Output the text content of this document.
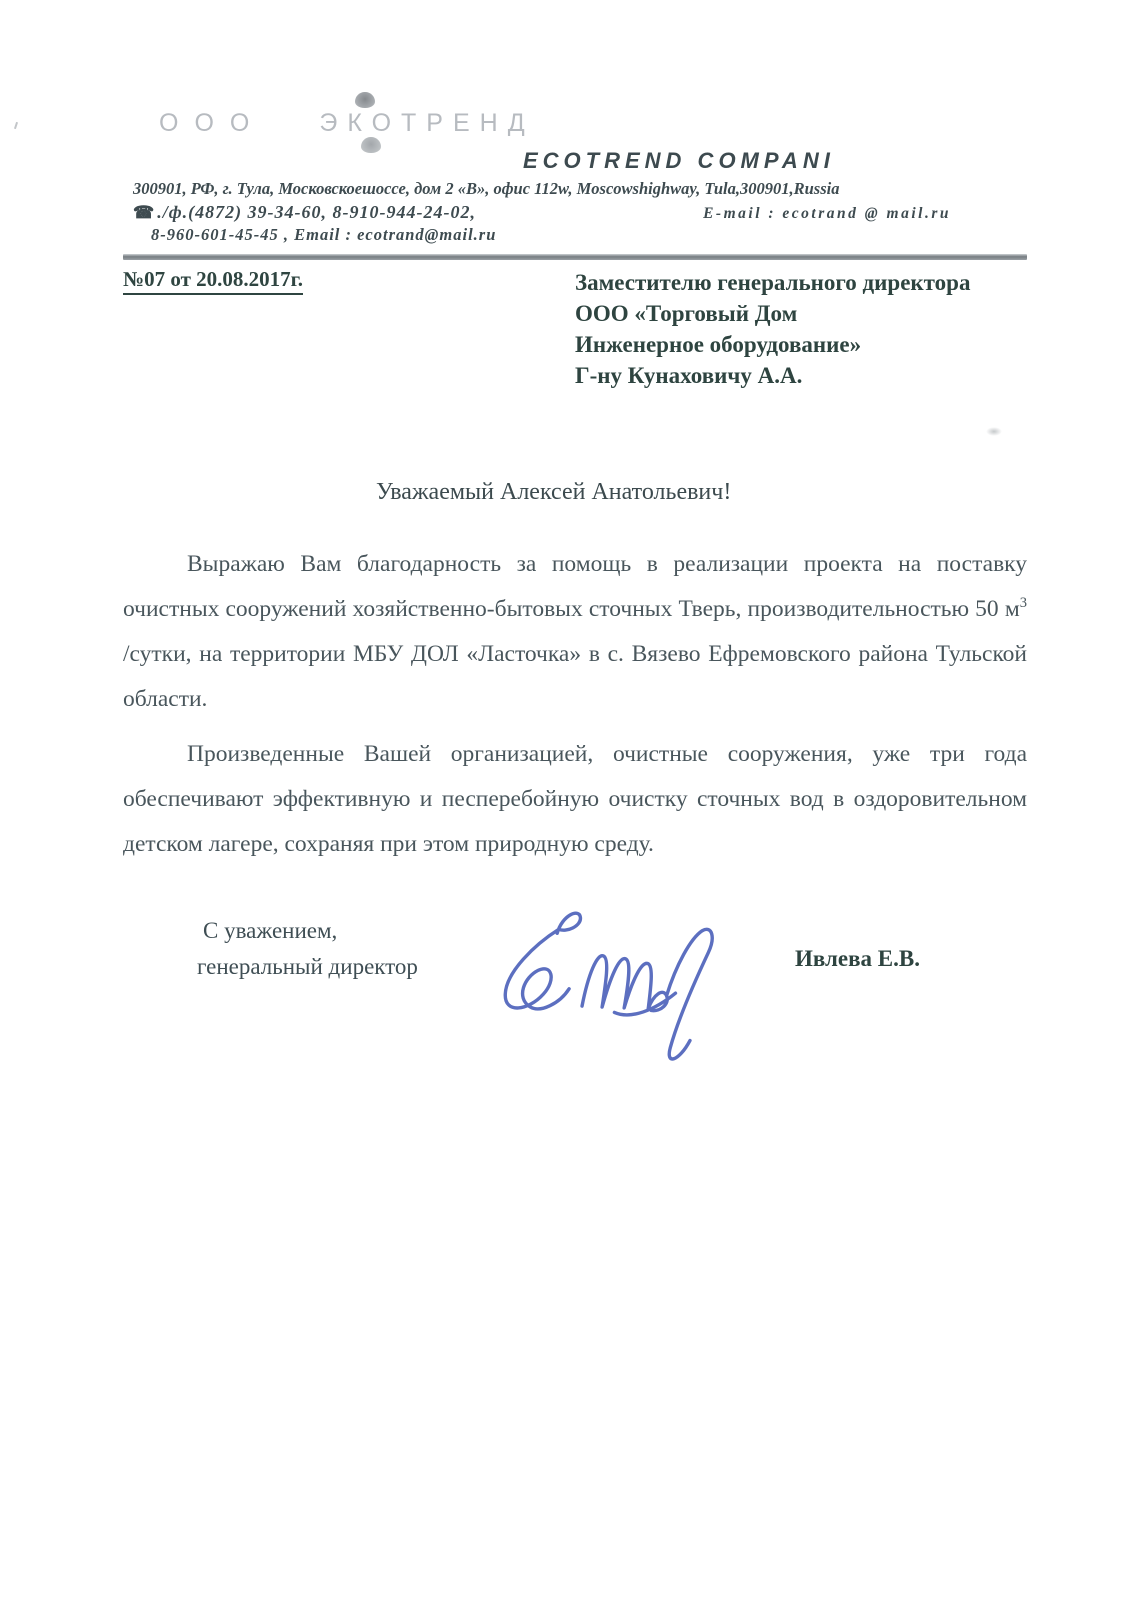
ООО ЭКОТРЕНД
ECOTREND COMPANI
300901, РФ, г. Тула, Московскоешоссе, дом 2 «В», офис 112w, Moscowshighway, Tula,300901,Russia
☎ ./ф.(4872) 39-34-60, 8-910-944-24-02,	E-mail : ecotrand @ mail.ru
8-960-601-45-45 , Email : ecotrand@mail.ru
№07 от 20.08.2017г.	Заместителю генерального директора
ООО «Торговый Дом
Инженерное оборудование»
Г-ну Кунаховичу А.А.
Уважаемый Алексей Анатольевич!

Выражаю Вам благодарность за помощь в реализации проекта на поставку очистных сооружений хозяйственно-бытовых сточных Тверь, производительностью 50 $м^3$ /сутки, на территории МБУ ДОЛ «Ласточка» в с. Вязево Ефремовского района Тульской области.

Произведенные Вашей организацией, очистные сооружения, уже три года обеспечивают эффективную и песперебойную очистку сточных вод в оздоровительном детском лагере, сохраняя при этом природную среду.

С уважением,
генеральный директор	Ивлева Е.В.
